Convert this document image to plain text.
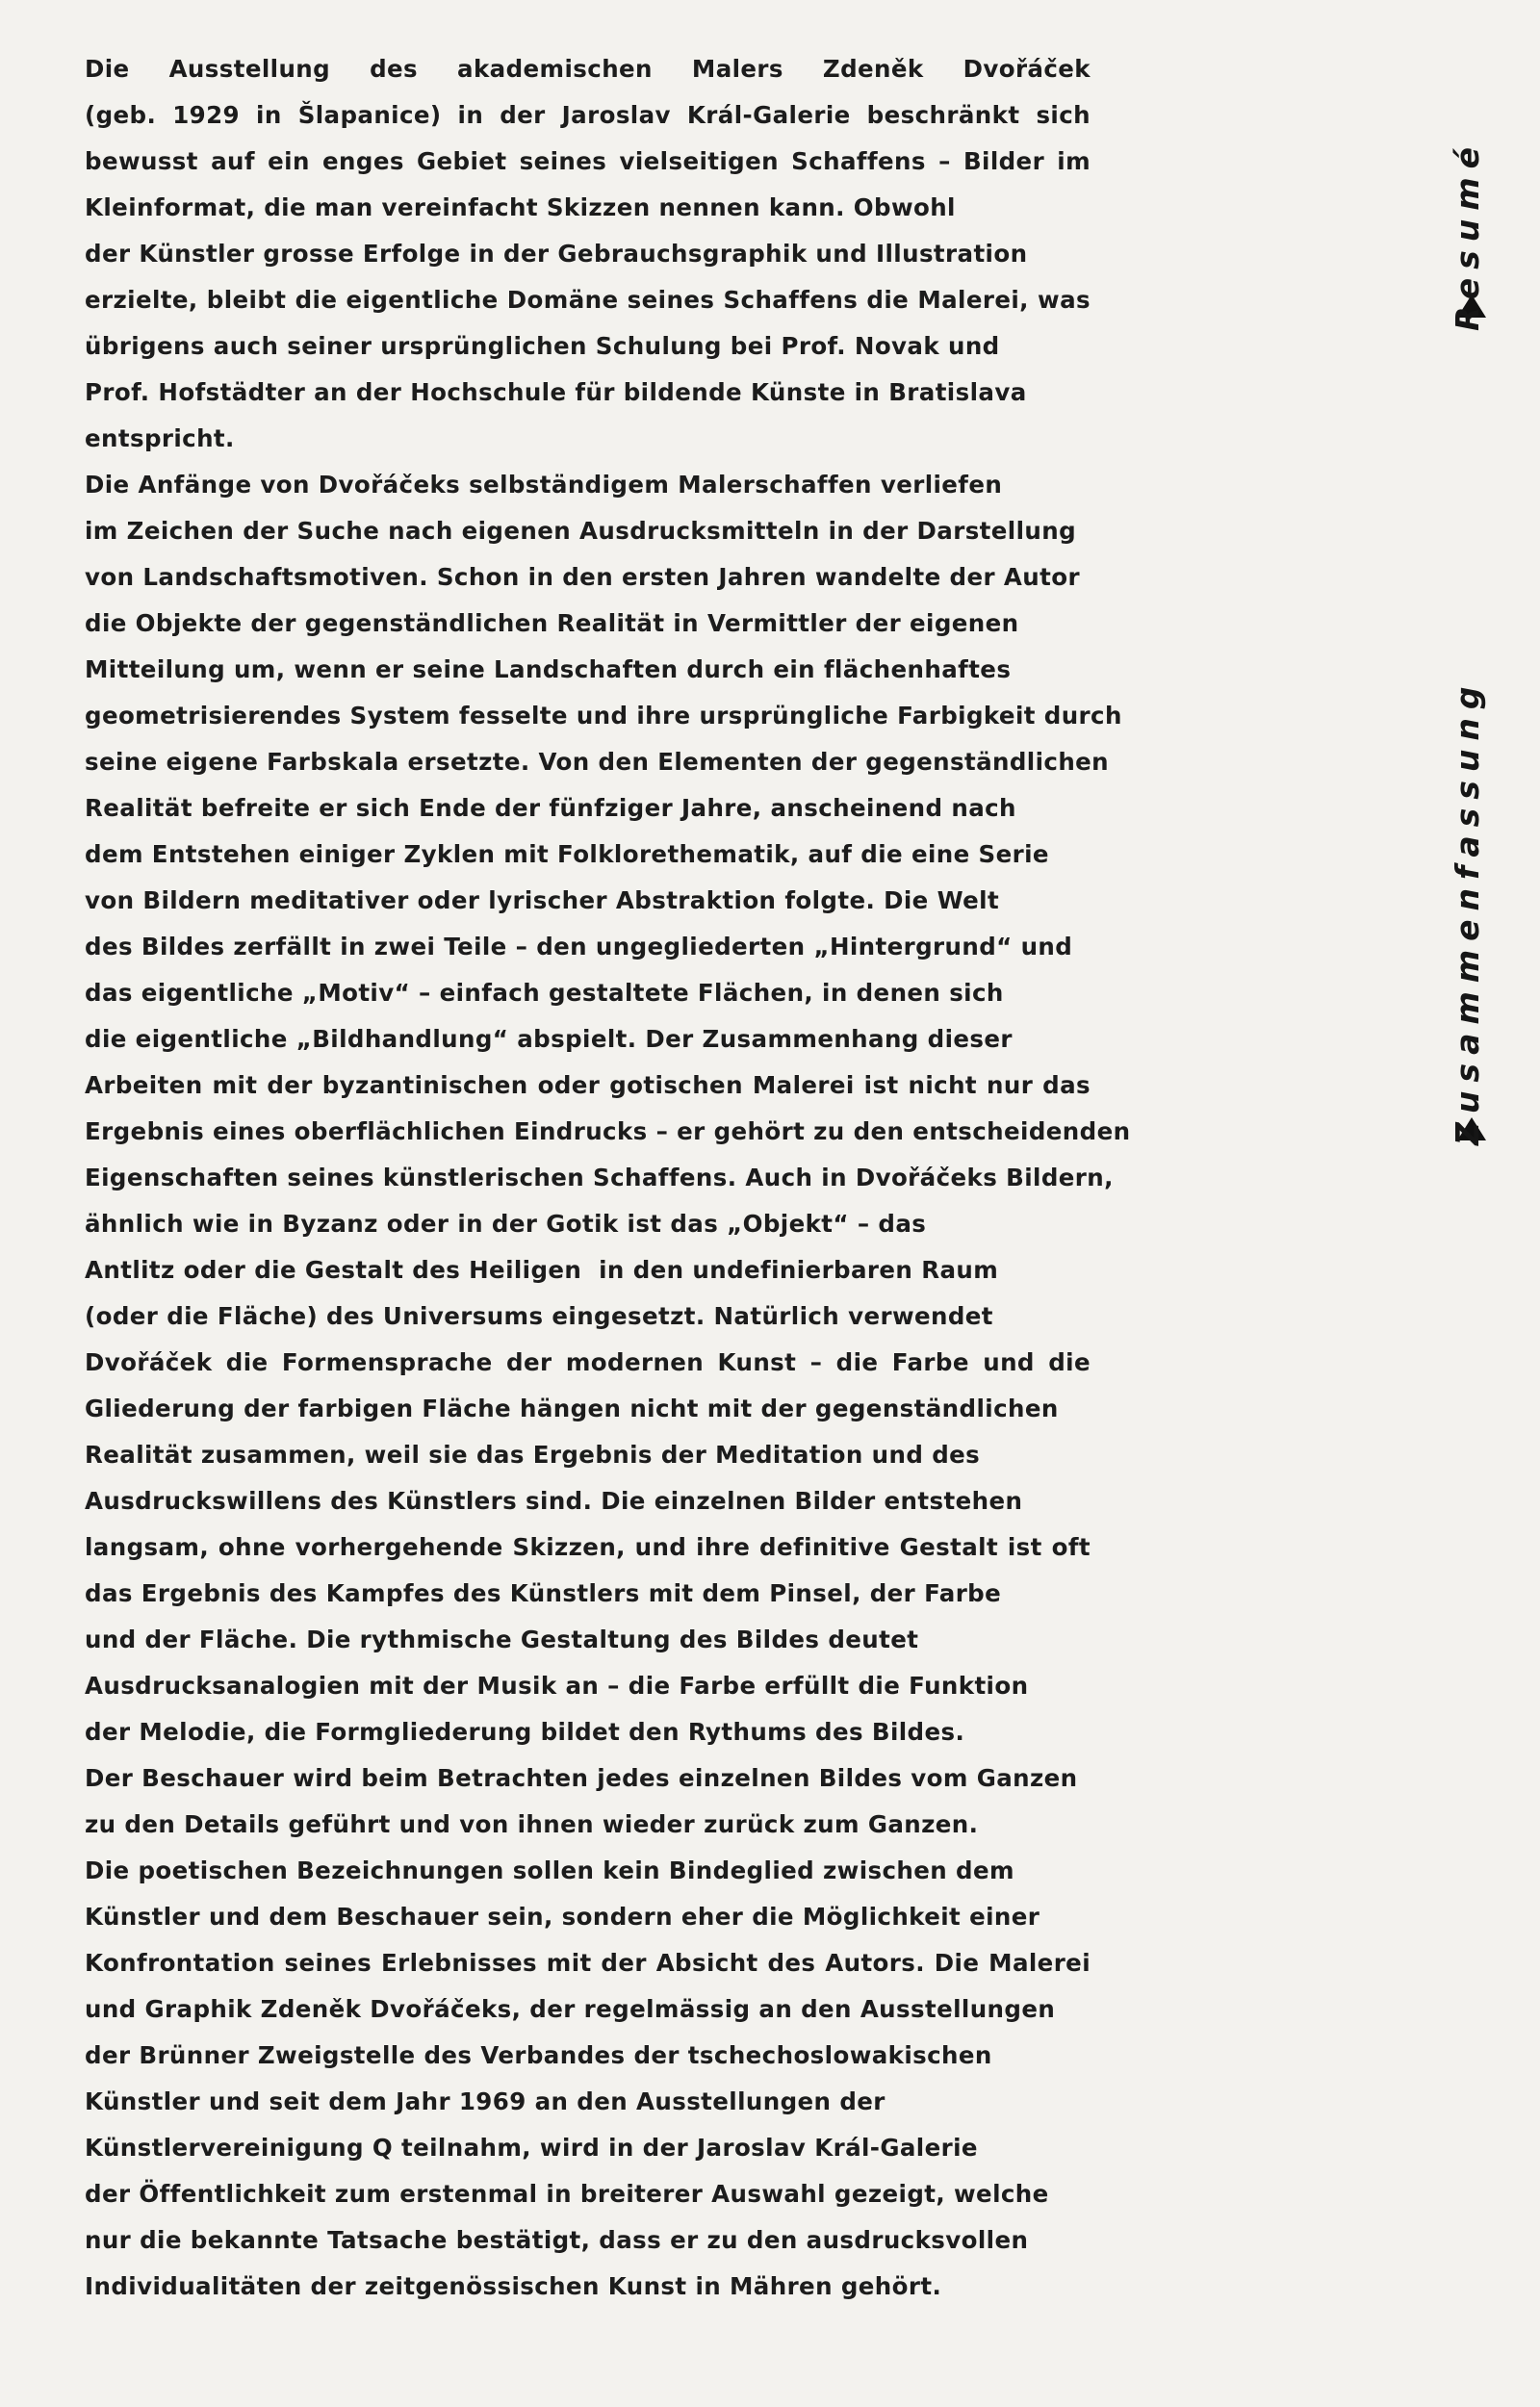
Die Ausstellung des akademischen Malers Zdeněk Dvořáček
(geb. 1929 in Šlapanice) in der Jaroslav Král-Galerie beschränkt sich
bewusst auf ein enges Gebiet seines vielseitigen Schaffens – Bilder im
Kleinformat, die man vereinfacht Skizzen nennen kann. Obwohl
der Künstler grosse Erfolge in der Gebrauchsgraphik und Illustration
erzielte, bleibt die eigentliche Domäne seines Schaffens die Malerei, was
übrigens auch seiner ursprünglichen Schulung bei Prof. Novak und
Prof. Hofstädter an der Hochschule für bildende Künste in Bratislava
entspricht.
Die Anfänge von Dvořáčeks selbständigem Malerschaffen verliefen
im Zeichen der Suche nach eigenen Ausdrucksmitteln in der Darstellung
von Landschaftsmotiven. Schon in den ersten Jahren wandelte der Autor
die Objekte der gegenständlichen Realität in Vermittler der eigenen
Mitteilung um, wenn er seine Landschaften durch ein flächenhaftes
geometrisierendes System fesselte und ihre ursprüngliche Farbigkeit durch
seine eigene Farbskala ersetzte. Von den Elementen der gegenständlichen
Realität befreite er sich Ende der fünfziger Jahre, anscheinend nach
dem Entstehen einiger Zyklen mit Folklorethematik, auf die eine Serie
von Bildern meditativer oder lyrischer Abstraktion folgte. Die Welt
des Bildes zerfällt in zwei Teile – den ungegliederten „Hintergrund“ und
das eigentliche „Motiv“ – einfach gestaltete Flächen, in denen sich
die eigentliche „Bildhandlung“ abspielt. Der Zusammenhang dieser
Arbeiten mit der byzantinischen oder gotischen Malerei ist nicht nur das
Ergebnis eines oberflächlichen Eindrucks – er gehört zu den entscheidenden
Eigenschaften seines künstlerischen Schaffens. Auch in Dvořáčeks Bildern,
ähnlich wie in Byzanz oder in der Gotik ist das „Objekt“ – das
Antlitz oder die Gestalt des Heiligen  in den undefinierbaren Raum
(oder die Fläche) des Universums eingesetzt. Natürlich verwendet
Dvořáček die Formensprache der modernen Kunst – die Farbe und die
Gliederung der farbigen Fläche hängen nicht mit der gegenständlichen
Realität zusammen, weil sie das Ergebnis der Meditation und des
Ausdruckswillens des Künstlers sind. Die einzelnen Bilder entstehen
langsam, ohne vorhergehende Skizzen, und ihre definitive Gestalt ist oft
das Ergebnis des Kampfes des Künstlers mit dem Pinsel, der Farbe
und der Fläche. Die rythmische Gestaltung des Bildes deutet
Ausdrucksanalogien mit der Musik an – die Farbe erfüllt die Funktion
der Melodie, die Formgliederung bildet den Rythums des Bildes.
Der Beschauer wird beim Betrachten jedes einzelnen Bildes vom Ganzen
zu den Details geführt und von ihnen wieder zurück zum Ganzen.
Die poetischen Bezeichnungen sollen kein Bindeglied zwischen dem
Künstler und dem Beschauer sein, sondern eher die Möglichkeit einer
Konfrontation seines Erlebnisses mit der Absicht des Autors. Die Malerei
und Graphik Zdeněk Dvořáčeks, der regelmässig an den Ausstellungen
der Brünner Zweigstelle des Verbandes der tschechoslowakischen
Künstler und seit dem Jahr 1969 an den Ausstellungen der
Künstlervereinigung Q teilnahm, wird in der Jaroslav Král-Galerie
der Öffentlichkeit zum erstenmal in breiterer Auswahl gezeigt, welche
nur die bekannte Tatsache bestätigt, dass er zu den ausdrucksvollen
Individualitäten der zeitgenössischen Kunst in Mähren gehört.
Resumé
Zusammenfassung
